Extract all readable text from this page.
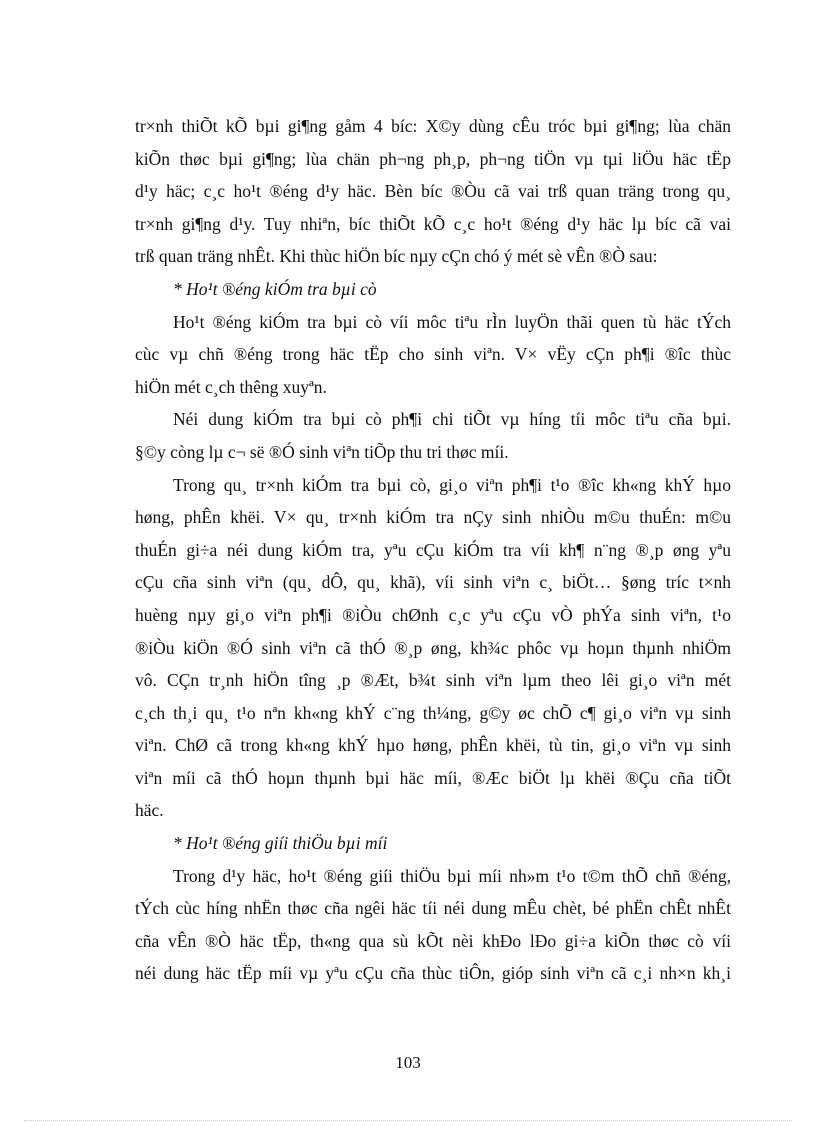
tr×nh thiÕt kÕ bµi gi¶ng gåm 4 bíc: X©y dùng cÊu tróc bµi gi¶ng; lùa chän
kiÕn thøc bµi gi¶ng; lùa chän ph¬ng ph¸p, ph¬ng tiÖn vµ tµi liÖu häc tËp
d¹y häc; c¸c ho¹t ®éng d¹y häc. Bèn bíc ®Òu cã vai trß quan träng trong qu¸
tr×nh gi¶ng d¹y. Tuy nhiªn, bíc thiÕt kÕ c¸c ho¹t ®éng d¹y häc lµ bíc cã vai
trß quan träng nhÊt. Khi thùc hiÖn bíc nµy cÇn chó ý mét sè vÊn ®Ò sau:
* Ho¹t ®éng kiÓm tra bµi cò
Ho¹t ®éng kiÓm tra bµi cò víi môc tiªu rÌn luyÖn thãi quen tù häc tÝch
cùc vµ chñ ®éng trong häc tËp cho sinh viªn. V× vËy cÇn ph¶i ®îc thùc
hiÖn mét c¸ch thêng xuyªn.
Néi dung kiÓm tra bµi cò ph¶i chi tiÕt vµ híng tíi môc tiªu cña bµi.
§©y còng lµ c¬ së ®Ó sinh viªn tiÕp thu tri thøc míi.
Trong qu¸ tr×nh kiÓm tra bµi cò, gi¸o viªn ph¶i t¹o ®îc kh«ng khÝ hµo
høng, phÊn khëi. V× qu¸ tr×nh kiÓm tra nÇy sinh nhiÒu m©u thuÉn: m©u
thuÉn gi÷a néi dung kiÓm tra, yªu cÇu kiÓm tra víi kh¶ n¨ng ®¸p øng yªu
cÇu cña sinh viªn (qu¸ dÔ, qu¸ khã), víi sinh viªn c¸ biÖt… §øng tríc t×nh
huèng nµy gi¸o viªn ph¶i ®iÒu chØnh c¸c yªu cÇu vÒ phÝa sinh viªn, t¹o
®iÒu kiÖn ®Ó sinh viªn cã thÓ ®¸p øng, kh¾c phôc vµ hoµn thµnh nhiÖm
vô. CÇn tr¸nh hiÖn tîng ¸p ®Æt, b¾t sinh viªn lµm theo lêi gi¸o viªn mét
c¸ch th¸i qu¸ t¹o nªn kh«ng khÝ c¨ng th¼ng, g©y øc chÕ c¶ gi¸o viªn vµ sinh
viªn. ChØ cã trong kh«ng khÝ hµo høng, phÊn khëi, tù tin, gi¸o viªn vµ sinh
viªn míi cã thÓ hoµn thµnh bµi häc míi, ®Æc biÖt lµ khëi ®Çu cña tiÕt
häc.
* Ho¹t ®éng giíi thiÖu bµi míi
Trong d¹y häc, ho¹t ®éng giíi thiÖu bµi míi nh»m t¹o t©m thÕ chñ ®éng,
tÝch cùc híng nhËn thøc cña ngêi häc tíi néi dung mÊu chèt, bé phËn chÊt nhÊt
cña vÊn ®Ò häc tËp, th«ng qua sù kÕt nèi khÐo lÐo gi÷a kiÕn thøc cò víi
néi dung häc tËp míi vµ yªu cÇu cña thùc tiÔn, gióp sinh viªn cã c¸i nh×n kh¸i
103
